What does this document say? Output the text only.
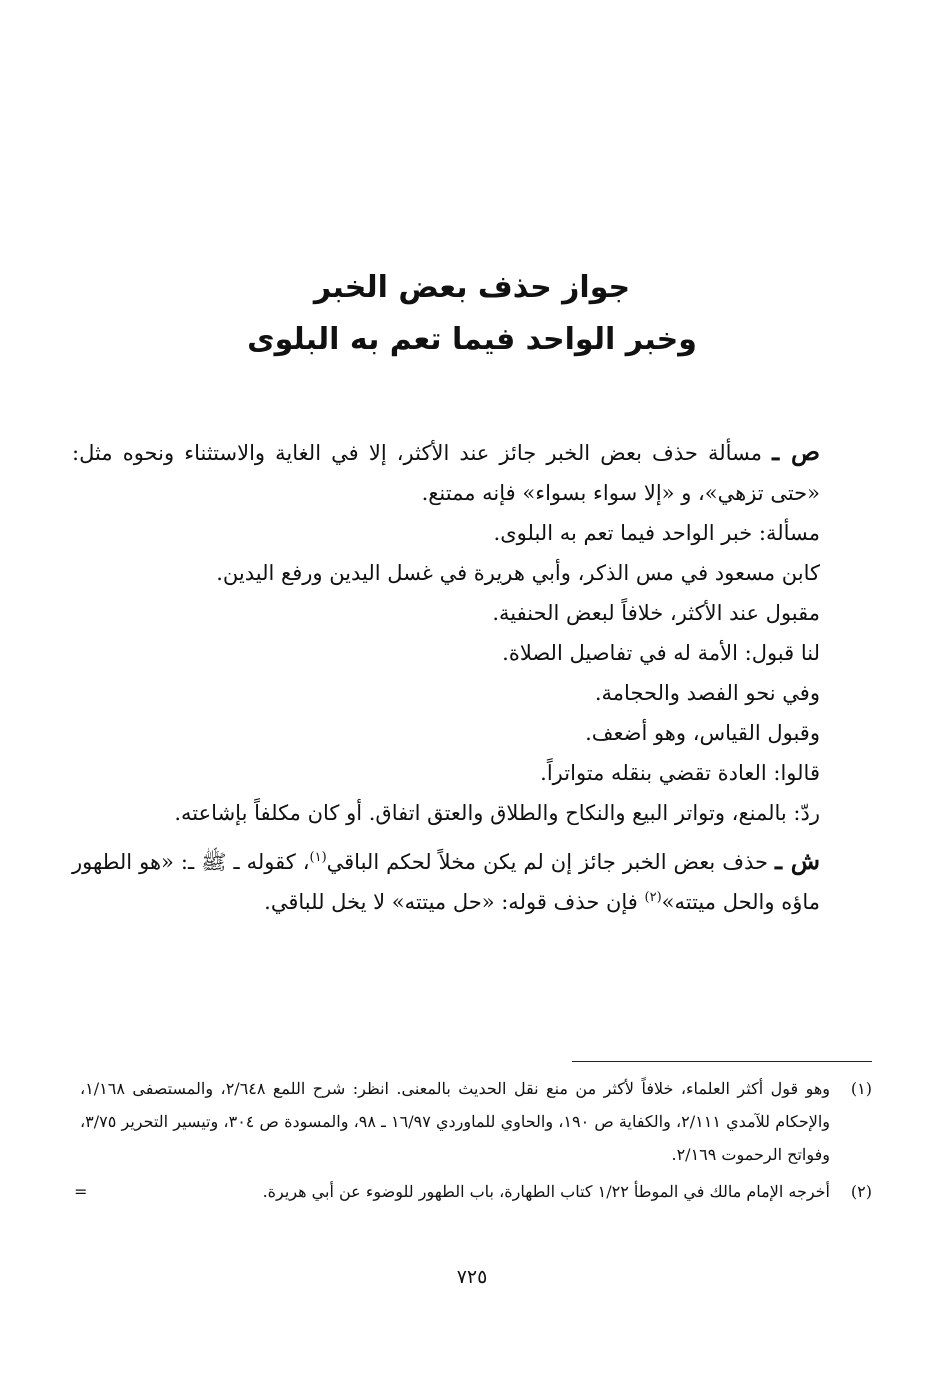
جواز حذف بعض الخبر

وخبر الواحد فيما تعم به البلوى

ص ـ مسألة حذف بعض الخبر جائز عند الأكثر، إلا في الغاية والاستثناء ونحوه مثل: «حتى تزهي»، و «إلا سواء بسواء» فإنه ممتنع.

مسألة: خبر الواحد فيما تعم به البلوى.

كابن مسعود في مس الذكر، وأبي هريرة في غسل اليدين ورفع اليدين.

مقبول عند الأكثر، خلافاً لبعض الحنفية.

لنا قبول: الأمة له في تفاصيل الصلاة.

وفي نحو الفصد والحجامة.

وقبول القياس، وهو أضعف.

قالوا: العادة تقضي بنقله متواتراً.

ردّ: بالمنع، وتواتر البيع والنكاح والطلاق والعتق اتفاق. أو كان مكلفاً بإشاعته.

ش ـ حذف بعض الخبر جائز إن لم يكن مخلاً لحكم الباقي$^{(١)}$، كقوله ـ ﷺ ـ: «هو الطهور ماؤه والحل ميتته»$^{(٢)}$ فإن حذف قوله: «حل ميتته» لا يخل للباقي.

(١)
وهو قول أكثر العلماء، خلافاً لأكثر من منع نقل الحديث بالمعنى. انظر: شرح اللمع ٢/٦٤٨، والمستصفى ١/١٦٨، والإحكام للآمدي ٢/١١١، والكفاية ص ١٩٠، والحاوي للماوردي ١٦/٩٧ ـ ٩٨، والمسودة ص ٣٠٤، وتيسير التحرير ٣/٧٥، وفواتح الرحموت ٢/١٦٩.

(٢)
أخرجه الإمام مالك في الموطأ ١/٢٢ كتاب الطهارة، باب الطهور للوضوء عن أبي هريرة.
=

٧٢٥
